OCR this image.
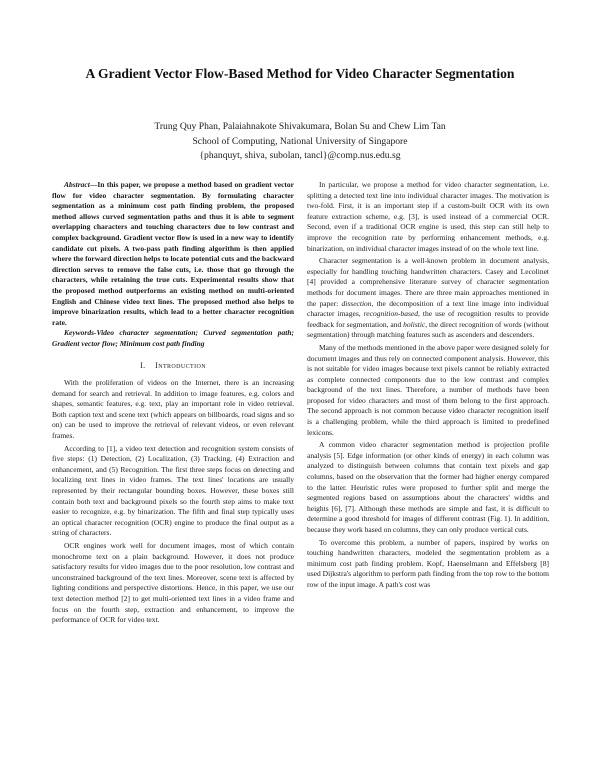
A Gradient Vector Flow-Based Method for Video Character Segmentation
Trung Quy Phan, Palaiahnakote Shivakumara, Bolan Su and Chew Lim Tan
School of Computing, National University of Singapore
{phanquyt, shiva, subolan, tancl}@comp.nus.edu.sg

Abstract—In this paper, we propose a method based on gradient vector flow for video character segmentation. By formulating character segmentation as a minimum cost path finding problem, the proposed method allows curved segmentation paths and thus it is able to segment overlapping characters and touching characters due to low contrast and complex background. Gradient vector flow is used in a new way to identify candidate cut pixels. A two-pass path finding algorithm is then applied where the forward direction helps to locate potential cuts and the backward direction serves to remove the false cuts, i.e. those that go through the characters, while retaining the true cuts. Experimental results show that the proposed method outperforms an existing method on multi-oriented English and Chinese video text lines. The proposed method also helps to improve binarization results, which lead to a better character recognition rate.

Keywords-Video character segmentation; Curved segmentation path; Gradient vector flow; Minimum cost path finding

I. Introduction

With the proliferation of videos on the Internet, there is an increasing demand for search and retrieval. In addition to image features, e.g. colors and shapes, semantic features, e.g. text, play an important role in video retrieval. Both caption text and scene text (which appears on billboards, road signs and so on) can be used to improve the retrieval of relevant videos, or even relevant frames.

According to [1], a video text detection and recognition system consists of five steps: (1) Detection, (2) Localization, (3) Tracking, (4) Extraction and enhancement, and (5) Recognition. The first three steps focus on detecting and localizing text lines in video frames. The text lines' locations are usually represented by their rectangular bounding boxes. However, these boxes still contain both text and background pixels so the fourth step aims to make text easier to recognize, e.g. by binarization. The fifth and final step typically uses an optical character recognition (OCR) engine to produce the final output as a string of characters.

OCR engines work well for document images, most of which contain monochrome text on a plain background. However, it does not produce satisfactory results for video images due to the poor resolution, low contrast and unconstrained background of the text lines. Moreover, scene text is affected by lighting conditions and perspective distortions. Hence, in this paper, we use our text detection method [2] to get multi-oriented text lines in a video frame and focus on the fourth step, extraction and enhancement, to improve the performance of OCR for video text.

In particular, we propose a method for video character segmentation, i.e. splitting a detected text line into individual character images. The motivation is two-fold. First, it is an important step if a custom-built OCR with its own feature extraction scheme, e.g. [3], is used instead of a commercial OCR. Second, even if a traditional OCR engine is used, this step can still help to improve the recognition rate by performing enhancement methods, e.g. binarization, on individual character images instead of on the whole text line.

Character segmentation is a well-known problem in document analysis, especially for handling touching handwritten characters. Casey and Lecolinet [4] provided a comprehensive literature survey of character segmentation methods for document images. There are three main approaches mentioned in the paper: dissection, the decomposition of a text line image into individual character images, recognition-based, the use of recognition results to provide feedback for segmentation, and holistic, the direct recognition of words (without segmentation) through matching features such as ascenders and descenders.

Many of the methods mentioned in the above paper were designed solely for document images and thus rely on connected component analysis. However, this is not suitable for video images because text pixels cannot be reliably extracted as complete connected components due to the low contrast and complex background of the text lines. Therefore, a number of methods have been proposed for video characters and most of them belong to the first approach. The second approach is not common because video character recognition itself is a challenging problem, while the third approach is limited to predefined lexicons.

A common video character segmentation method is projection profile analysis [5]. Edge information (or other kinds of energy) in each column was analyzed to distinguish between columns that contain text pixels and gap columns, based on the observation that the former had higher energy compared to the latter. Heuristic rules were proposed to further split and merge the segmented regions based on assumptions about the characters' widths and heights [6], [7]. Although these methods are simple and fast, it is difficult to determine a good threshold for images of different contrast (Fig. 1). In addition, because they work based on columns, they can only produce vertical cuts.

To overcome this problem, a number of papers, inspired by works on touching handwritten characters, modeled the segmentation problem as a minimum cost path finding problem. Kopf, Haenselmann and Effelsberg [8] used Dijkstra's algorithm to perform path finding from the top row to the bottom row of the input image. A path's cost was
